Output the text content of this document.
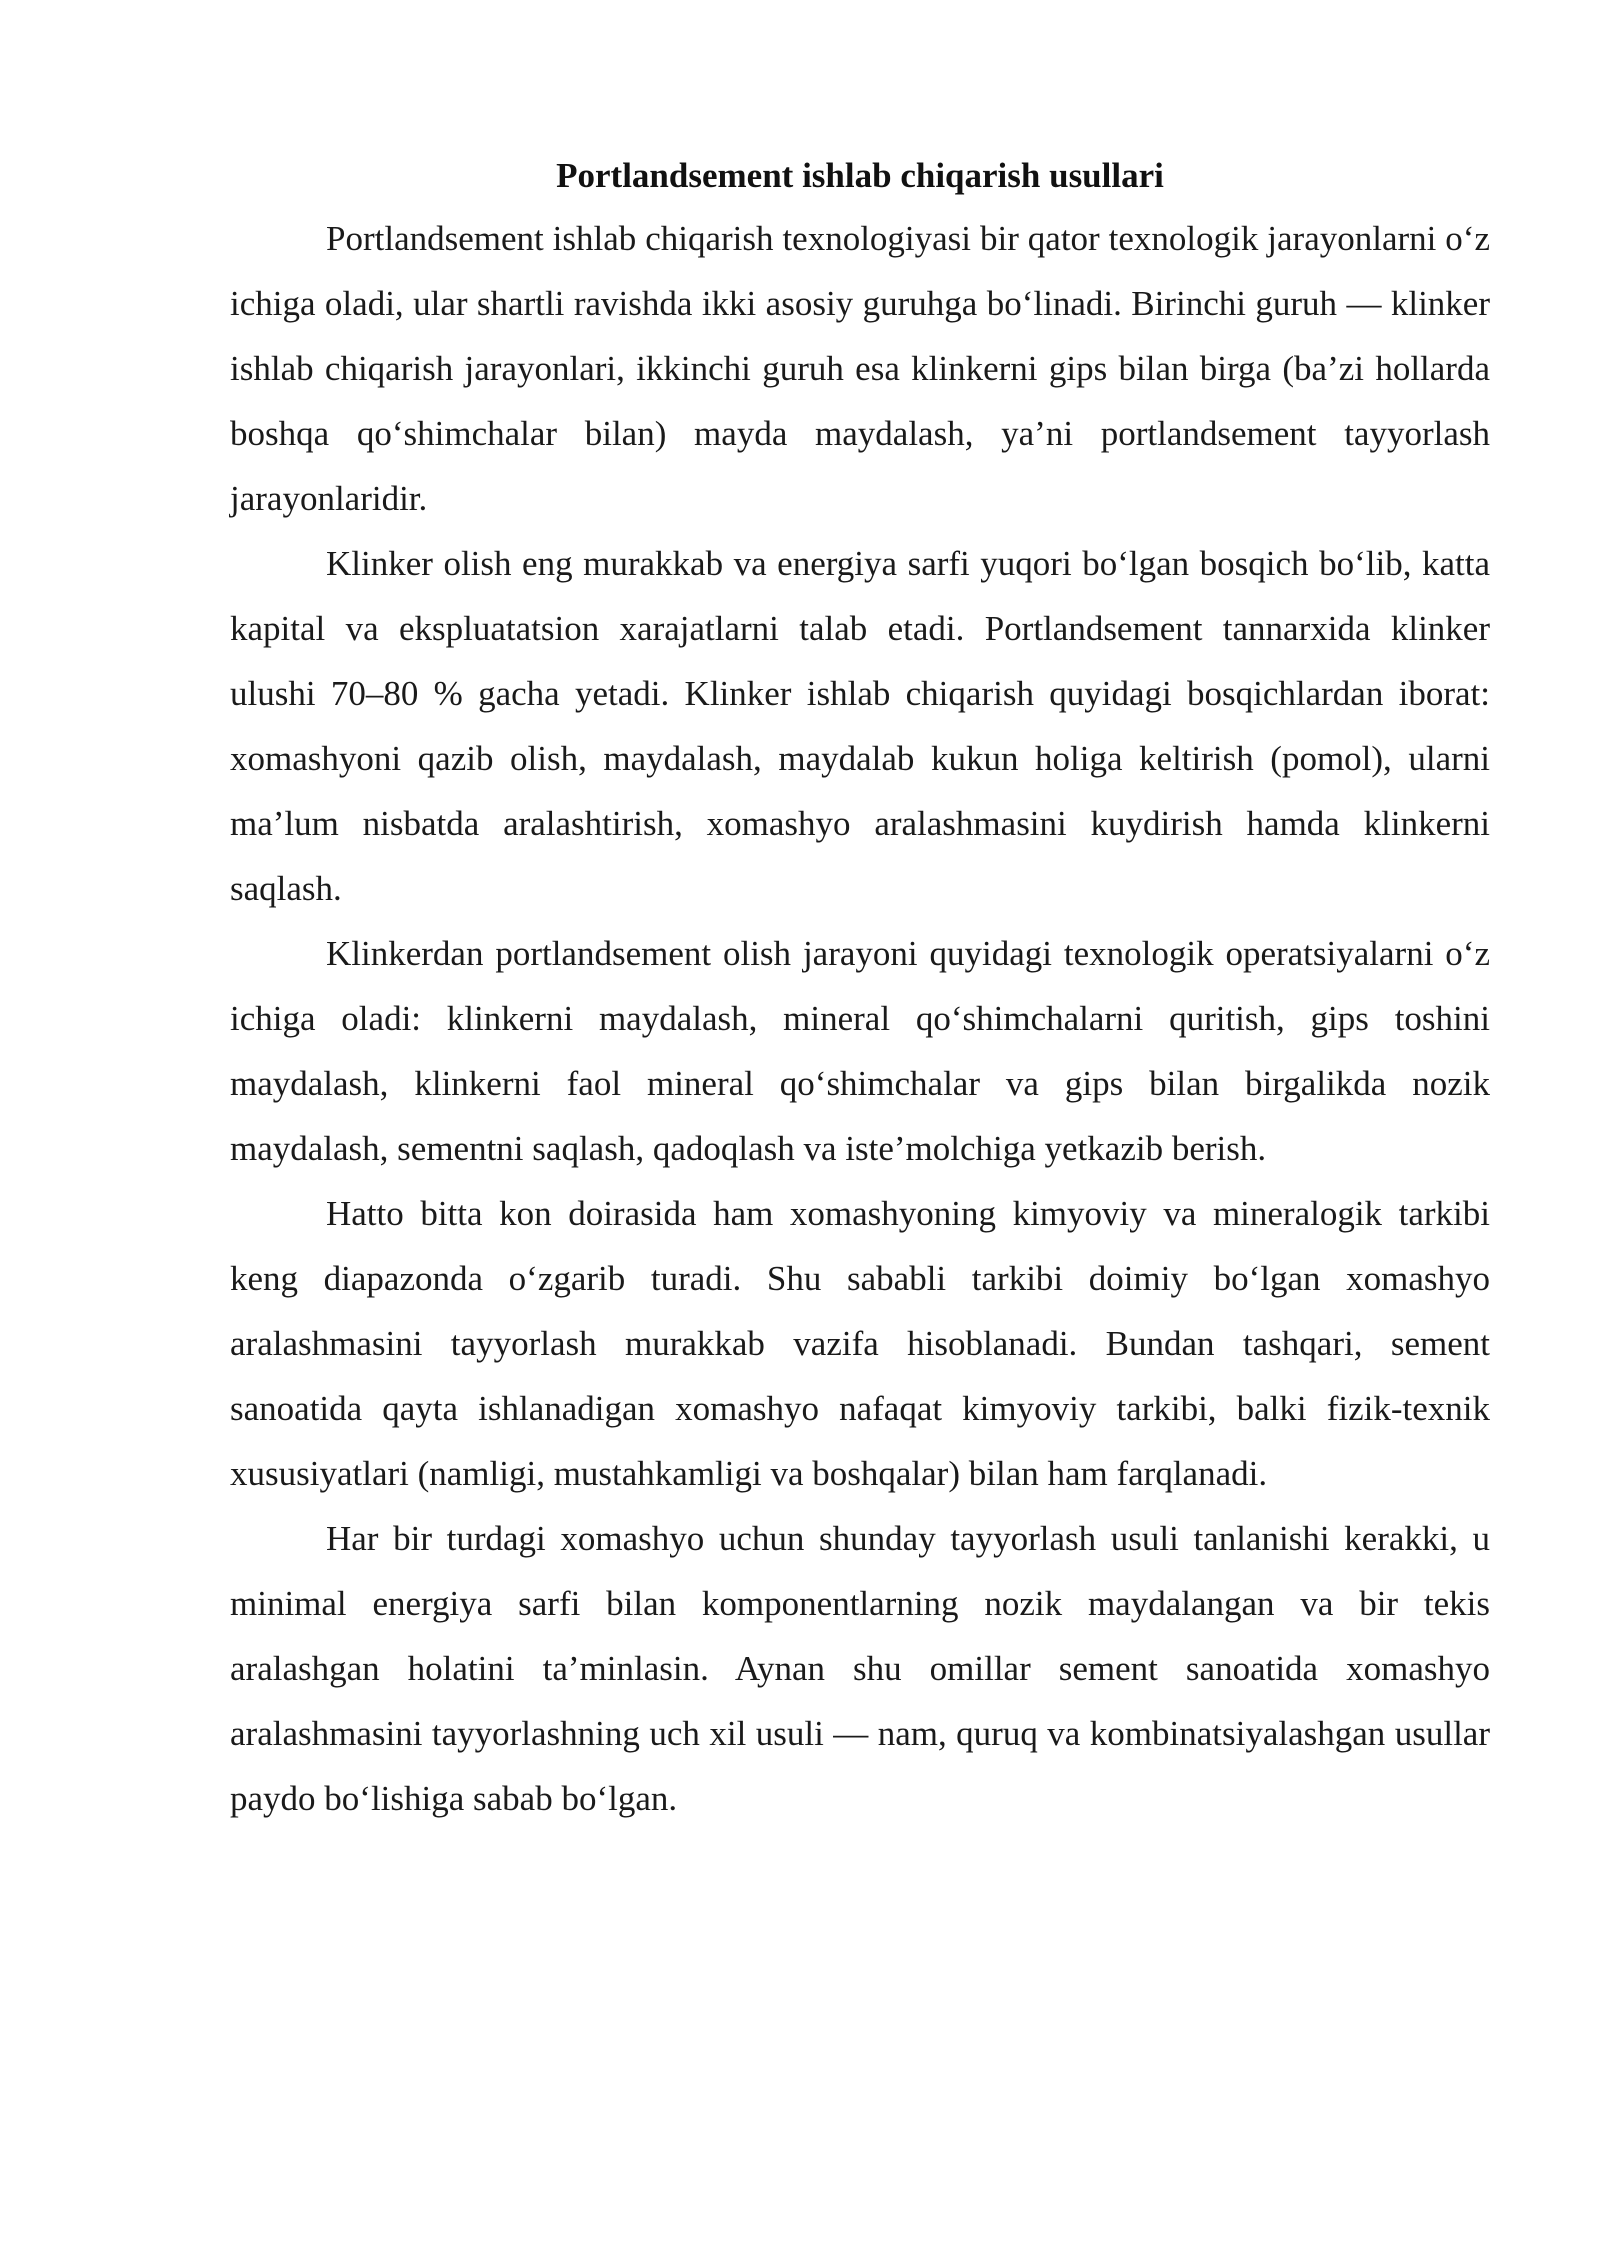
Portlandsement ishlab chiqarish usullari

Portlandsement ishlab chiqarish texnologiyasi bir qator texnologik jarayonlarni o‘z ichiga oladi, ular shartli ravishda ikki asosiy guruhga bo‘linadi. Birinchi guruh — klinker ishlab chiqarish jarayonlari, ikkinchi guruh esa klinkerni gips bilan birga (ba’zi hollarda boshqa qo‘shimchalar bilan) mayda maydalash, ya’ni portlandsement tayyorlash jarayonlaridir.

Klinker olish eng murakkab va energiya sarfi yuqori bo‘lgan bosqich bo‘lib, katta kapital va ekspluatatsion xarajatlarni talab etadi. Portlandsement tannarxida klinker ulushi 70–80 % gacha yetadi. Klinker ishlab chiqarish quyidagi bosqichlardan iborat: xomashyoni qazib olish, maydalash, maydalab kukun holiga keltirish (pomol), ularni ma’lum nisbatda aralashtirish, xomashyo aralashmasini kuydirish hamda klinkerni saqlash.

Klinkerdan portlandsement olish jarayoni quyidagi texnologik operatsiyalarni o‘z ichiga oladi: klinkerni maydalash, mineral qo‘shimchalarni quritish, gips toshini maydalash, klinkerni faol mineral qo‘shimchalar va gips bilan birgalikda nozik maydalash, sementni saqlash, qadoqlash va iste’molchiga yetkazib berish.

Hatto bitta kon doirasida ham xomashyoning kimyoviy va mineralogik tarkibi keng diapazonda o‘zgarib turadi. Shu sababli tarkibi doimiy bo‘lgan xomashyo aralashmasini tayyorlash murakkab vazifa hisoblanadi. Bundan tashqari, sement sanoatida qayta ishlanadigan xomashyo nafaqat kimyoviy tarkibi, balki fizik-texnik xususiyatlari (namligi, mustahkamligi va boshqalar) bilan ham farqlanadi.

Har bir turdagi xomashyo uchun shunday tayyorlash usuli tanlanishi kerakki, u minimal energiya sarfi bilan komponentlarning nozik maydalangan va bir tekis aralashgan holatini ta’minlasin. Aynan shu omillar sement sanoatida xomashyo aralashmasini tayyorlashning uch xil usuli — nam, quruq va kombinatsiyalashgan usullar paydo bo‘lishiga sabab bo‘lgan.
